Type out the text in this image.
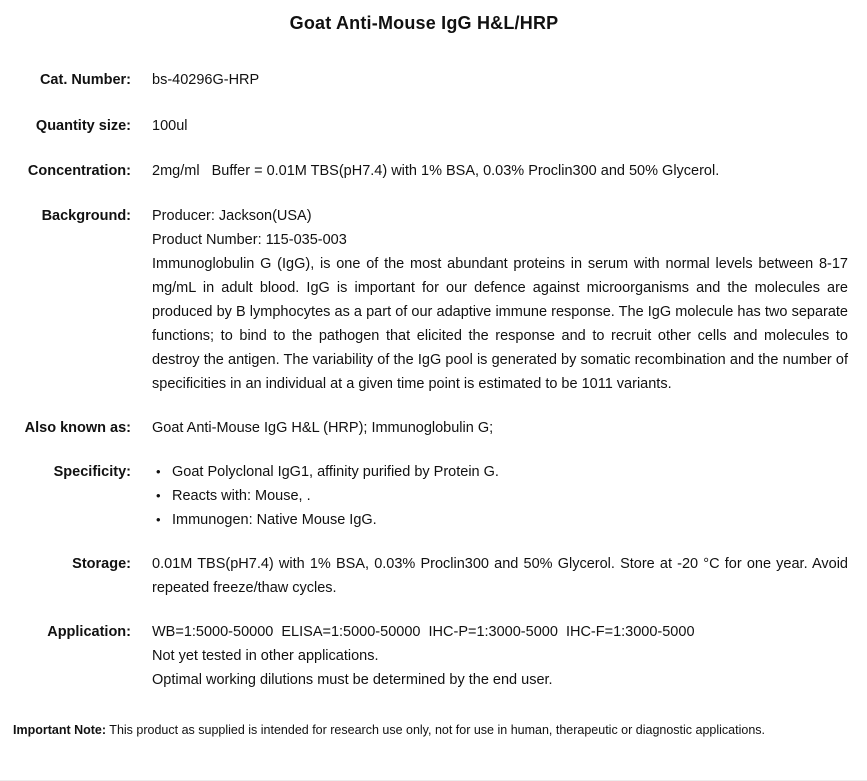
Goat Anti-Mouse IgG H&L/HRP
Cat. Number: bs-40296G-HRP
Quantity size: 100ul
Concentration: 2mg/ml   Buffer = 0.01M TBS(pH7.4) with 1% BSA, 0.03% Proclin300 and 50% Glycerol.
Background: Producer: Jackson(USA)
Product Number: 115-035-003
Immunoglobulin G (IgG), is one of the most abundant proteins in serum with normal levels between 8-17 mg/mL in adult blood. IgG is important for our defence against microorganisms and the molecules are produced by B lymphocytes as a part of our adaptive immune response. The IgG molecule has two separate functions; to bind to the pathogen that elicited the response and to recruit other cells and molecules to destroy the antigen. The variability of the IgG pool is generated by somatic recombination and the number of specificities in an individual at a given time point is estimated to be 1011 variants.
Also known as: Goat Anti-Mouse IgG H&L (HRP); Immunoglobulin G;
Specificity:	• Goat Polyclonal IgG1, affinity purified by Protein G.
• Reacts with: Mouse, .
• Immunogen: Native Mouse IgG.
Storage: 0.01M TBS(pH7.4) with 1% BSA, 0.03% Proclin300 and 50% Glycerol. Store at -20 °C for one year. Avoid repeated freeze/thaw cycles.
Application: WB=1:5000-50000  ELISA=1:5000-50000  IHC-P=1:3000-5000  IHC-F=1:3000-5000
Not yet tested in other applications.
Optimal working dilutions must be determined by the end user.
Important Note: This product as supplied is intended for research use only, not for use in human, therapeutic or diagnostic applications.
